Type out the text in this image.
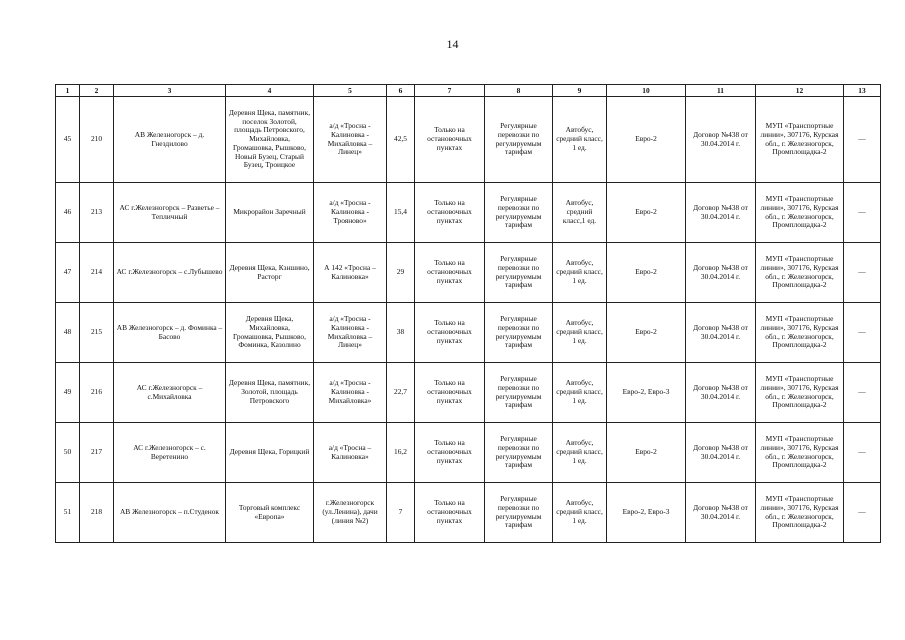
14
1	2	3	4	5	6	7	8	9	10	11	12	13
45	210	АВ Железногорск – д. Гнездилово	Деревня Щека, памятник, поселок Золотой, площадь Петровского, Михайловка, Громашовка, Рышково, Новый Бузец, Старый Бузец, Троицкое	а/д «Тросна - Калиновка - Михайловка – Линец»	42,5	Только на остановочных пунктах	Регулярные перевозки по регулируемым тарифам	Автобус, средний класс, 1 ед.	Евро-2	Договор №438 от 30.04.2014 г.	МУП «Транспортные линии», 307176, Курская обл., г. Железногорск, Промплощадка-2	—
46	213	АС г.Железногорск – Разветье – Тепличный	Микрорайон Заречный	а/д «Тросна - Калиновка - Трояново»	15,4	Только на остановочных пунктах	Регулярные перевозки по регулируемым тарифам	Автобус, средний класс,1 ед.	Евро-2	Договор №438 от 30.04.2014 г.	МУП «Транспортные линии», 307176, Курская обл., г. Железногорск, Промплощадка-2	—
47	214	АС г.Железногорск – с.Лубышево	Деревня Щека, Кзншино, Расторг	А 142 «Тросна – Калиновка»	29	Только на остановочных пунктах	Регулярные перевозки по регулируемым тарифам	Автобус, средний класс, 1 ед.	Евро-2	Договор №438 от 30.04.2014 г.	МУП «Транспортные линии», 307176, Курская обл., г. Железногорск, Промплощадка-2	—
48	215	АВ Железногорск – д. Фоминка – Басово	Деревня Щека, Михайловка, Громашовка, Рышково, Фоминка, Казолино	а/д «Тросна - Калиновка - Михайловка – Линец»	38	Только на остановочных пунктах	Регулярные перевозки по регулируемым тарифам	Автобус, средний класс, 1 ед.	Евро-2	Договор №438 от 30.04.2014 г.	МУП «Транспортные линии», 307176, Курская обл., г. Железногорск, Промплощадка-2	—
49	216	АС г.Железногорск – с.Михайловка	Деревня Щека, памятник, Золотой, площадь Петровского	а/д «Тросна - Калиновка - Михайловка»	22,7	Только на остановочных пунктах	Регулярные перевозки по регулируемым тарифам	Автобус, средний класс, 1 ед.	Евро-2, Евро-3	Договор №438 от 30.04.2014 г.	МУП «Транспортные линии», 307176, Курская обл., г. Железногорск, Промплощадка-2	—
50	217	АС г.Железногорск – с. Веретенино	Деревня Щека, Горицкий	а/д «Тросна – Калиновка»	16,2	Только на остановочных пунктах	Регулярные перевозки по регулируемым тарифам	Автобус, средний класс, 1 ед.	Евро-2	Договор №438 от 30.04.2014 г.	МУП «Транспортные линии», 307176, Курская обл., г. Железногорск, Промплощадка-2	—
51	218	АВ Железногорск – п.Студенок	Торговый комплекс «Европа»	г.Железногорск (ул.Ленина), дачи (линия №2)	7	Только на остановочных пунктах	Регулярные перевозки по регулируемым тарифам	Автобус, средний класс, 1 ед.	Евро-2, Евро-3	Договор №438 от 30.04.2014 г.	МУП «Транспортные линии», 307176, Курская обл., г. Железногорск, Промплощадка-2	—
